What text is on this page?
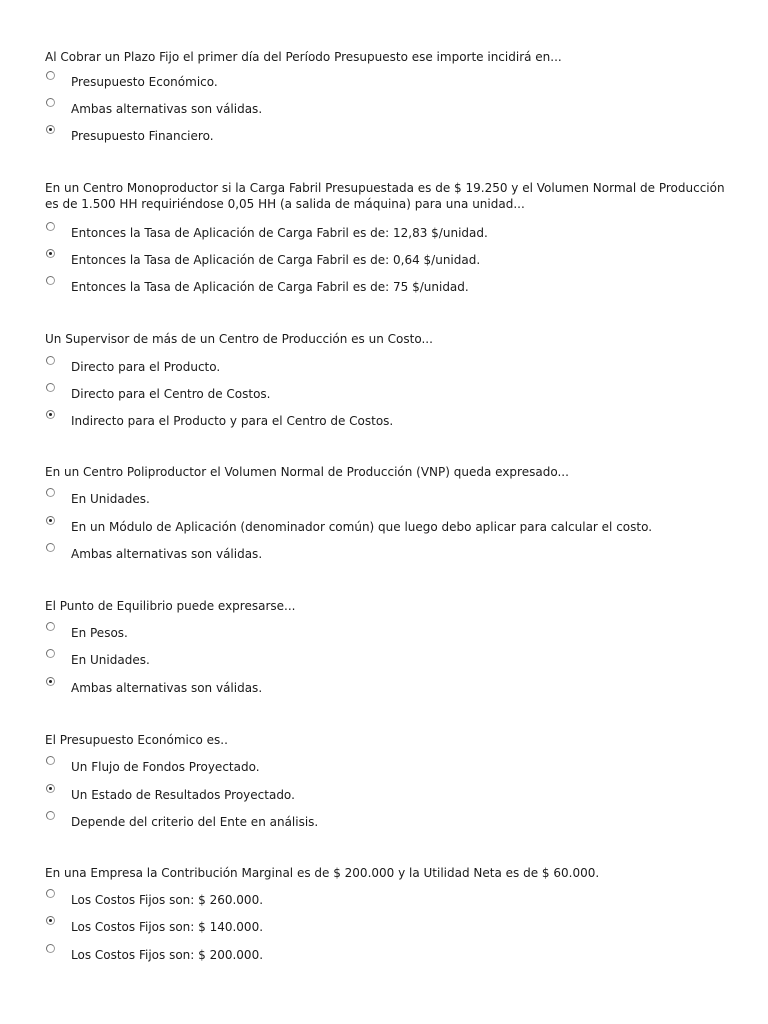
Al Cobrar un Plazo Fijo el primer día del Período Presupuesto ese importe incidirá en...

Presupuesto Económico.
Ambas alternativas son válidas.
Presupuesto Financiero.

En un Centro Monoproductor si la Carga Fabril Presupuestada es de $ 19.250 y el Volumen Normal de Producción es de 1.500 HH requiriéndose 0,05 HH (a salida de máquina) para una unidad...

Entonces la Tasa de Aplicación de Carga Fabril es de: 12,83 $/unidad.
Entonces la Tasa de Aplicación de Carga Fabril es de: 0,64 $/unidad.
Entonces la Tasa de Aplicación de Carga Fabril es de: 75 $/unidad.

Un Supervisor de más de un Centro de Producción es un Costo...

Directo para el Producto.
Directo para el Centro de Costos.
Indirecto para el Producto y para el Centro de Costos.

En un Centro Poliproductor el Volumen Normal de Producción (VNP) queda expresado...

En Unidades.
En un Módulo de Aplicación (denominador común) que luego debo aplicar para calcular el costo.
Ambas alternativas son válidas.

El Punto de Equilibrio puede expresarse...

En Pesos.
En Unidades.
Ambas alternativas son válidas.

El Presupuesto Económico es..

Un Flujo de Fondos Proyectado.
Un Estado de Resultados Proyectado.
Depende del criterio del Ente en análisis.

En una Empresa la Contribución Marginal es de $ 200.000 y la Utilidad Neta es de $ 60.000.

Los Costos Fijos son: $ 260.000.
Los Costos Fijos son: $ 140.000.
Los Costos Fijos son: $ 200.000.
